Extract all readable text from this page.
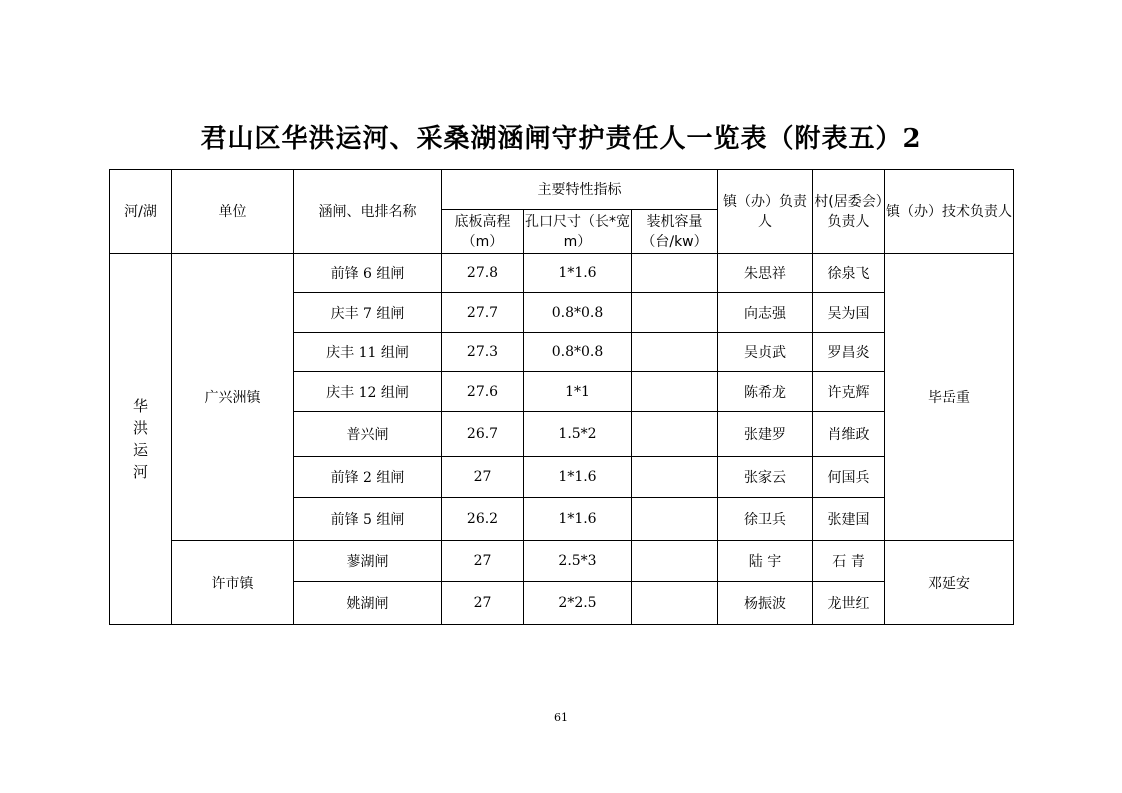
君山区华洪运河、采桑湖涵闸守护责任人一览表（附表五）2
河/湖	单位	涵闸、电排名称	主要特性指标			镇（办）负责人	村(居委会）负责人	镇（办）技术负责人
			底板高程（m）	孔口尺寸（长*宽 m）	装机容量（台/kw）			
华洪运河	广兴洲镇	前锋 6 组闸	27.8	1*1.6		朱思祥	徐泉飞	毕岳重
		庆丰 7 组闸	27.7	0.8*0.8		向志强	吴为国	
		庆丰 11 组闸	27.3	0.8*0.8		吴贞武	罗昌炎	
		庆丰 12 组闸	27.6	1*1		陈希龙	许克辉	
		普兴闸	26.7	1.5*2		张建罗	肖维政	
		前锋 2 组闸	27	1*1.6		张家云	何国兵	
		前锋 5 组闸	26.2	1*1.6		徐卫兵	张建国	
	许市镇	蓼湖闸	27	2.5*3		陆 宇	石 青	邓延安
		姚湖闸	27	2*2.5		杨振波	龙世红	
61
